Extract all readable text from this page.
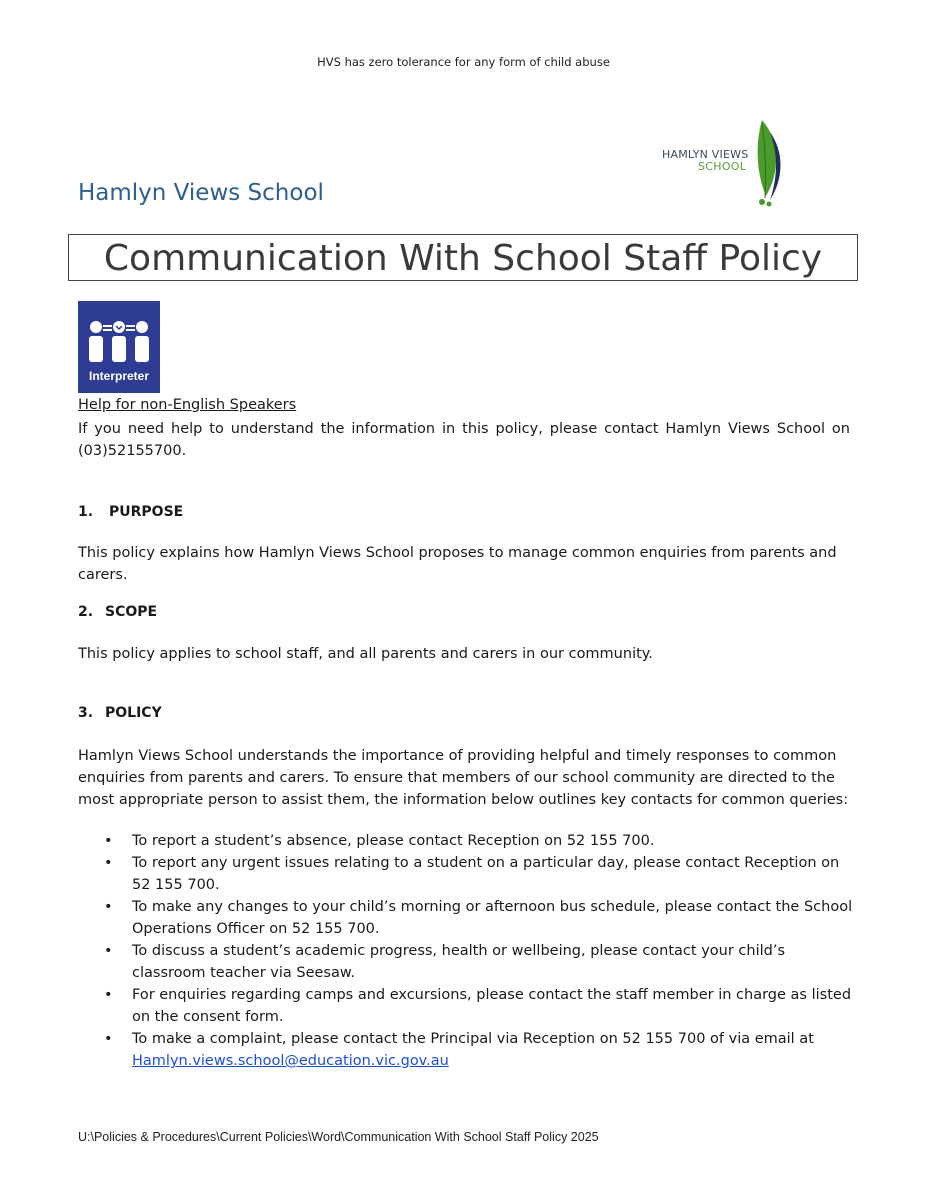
HVS has zero tolerance for any form of child abuse
HAMLYN VIEWS
SCHOOL
Hamlyn Views School
Communication With School Staff Policy
Interpreter
Help for non-English Speakers
If you need help to understand the information in this policy, please contact Hamlyn Views School on (03)52155700.
1. PURPOSE
This policy explains how Hamlyn Views School proposes to manage common enquiries from parents and carers.
2. SCOPE
This policy applies to school staff, and all parents and carers in our community.
3. POLICY
Hamlyn Views School understands the importance of providing helpful and timely responses to common enquiries from parents and carers. To ensure that members of our school community are directed to the most appropriate person to assist them, the information below outlines key contacts for common queries:
• To report a student’s absence, please contact Reception on 52 155 700.
• To report any urgent issues relating to a student on a particular day, please contact Reception on 52 155 700.
• To make any changes to your child’s morning or afternoon bus schedule, please contact the School Operations Officer on 52 155 700.
• To discuss a student’s academic progress, health or wellbeing, please contact your child’s classroom teacher via Seesaw.
• For enquiries regarding camps and excursions, please contact the staff member in charge as listed on the consent form.
• To make a complaint, please contact the Principal via Reception on 52 155 700 of via email at
Hamlyn.views.school@education.vic.gov.au
U:\Policies & Procedures\Current Policies\Word\Communication With School Staff Policy 2025
